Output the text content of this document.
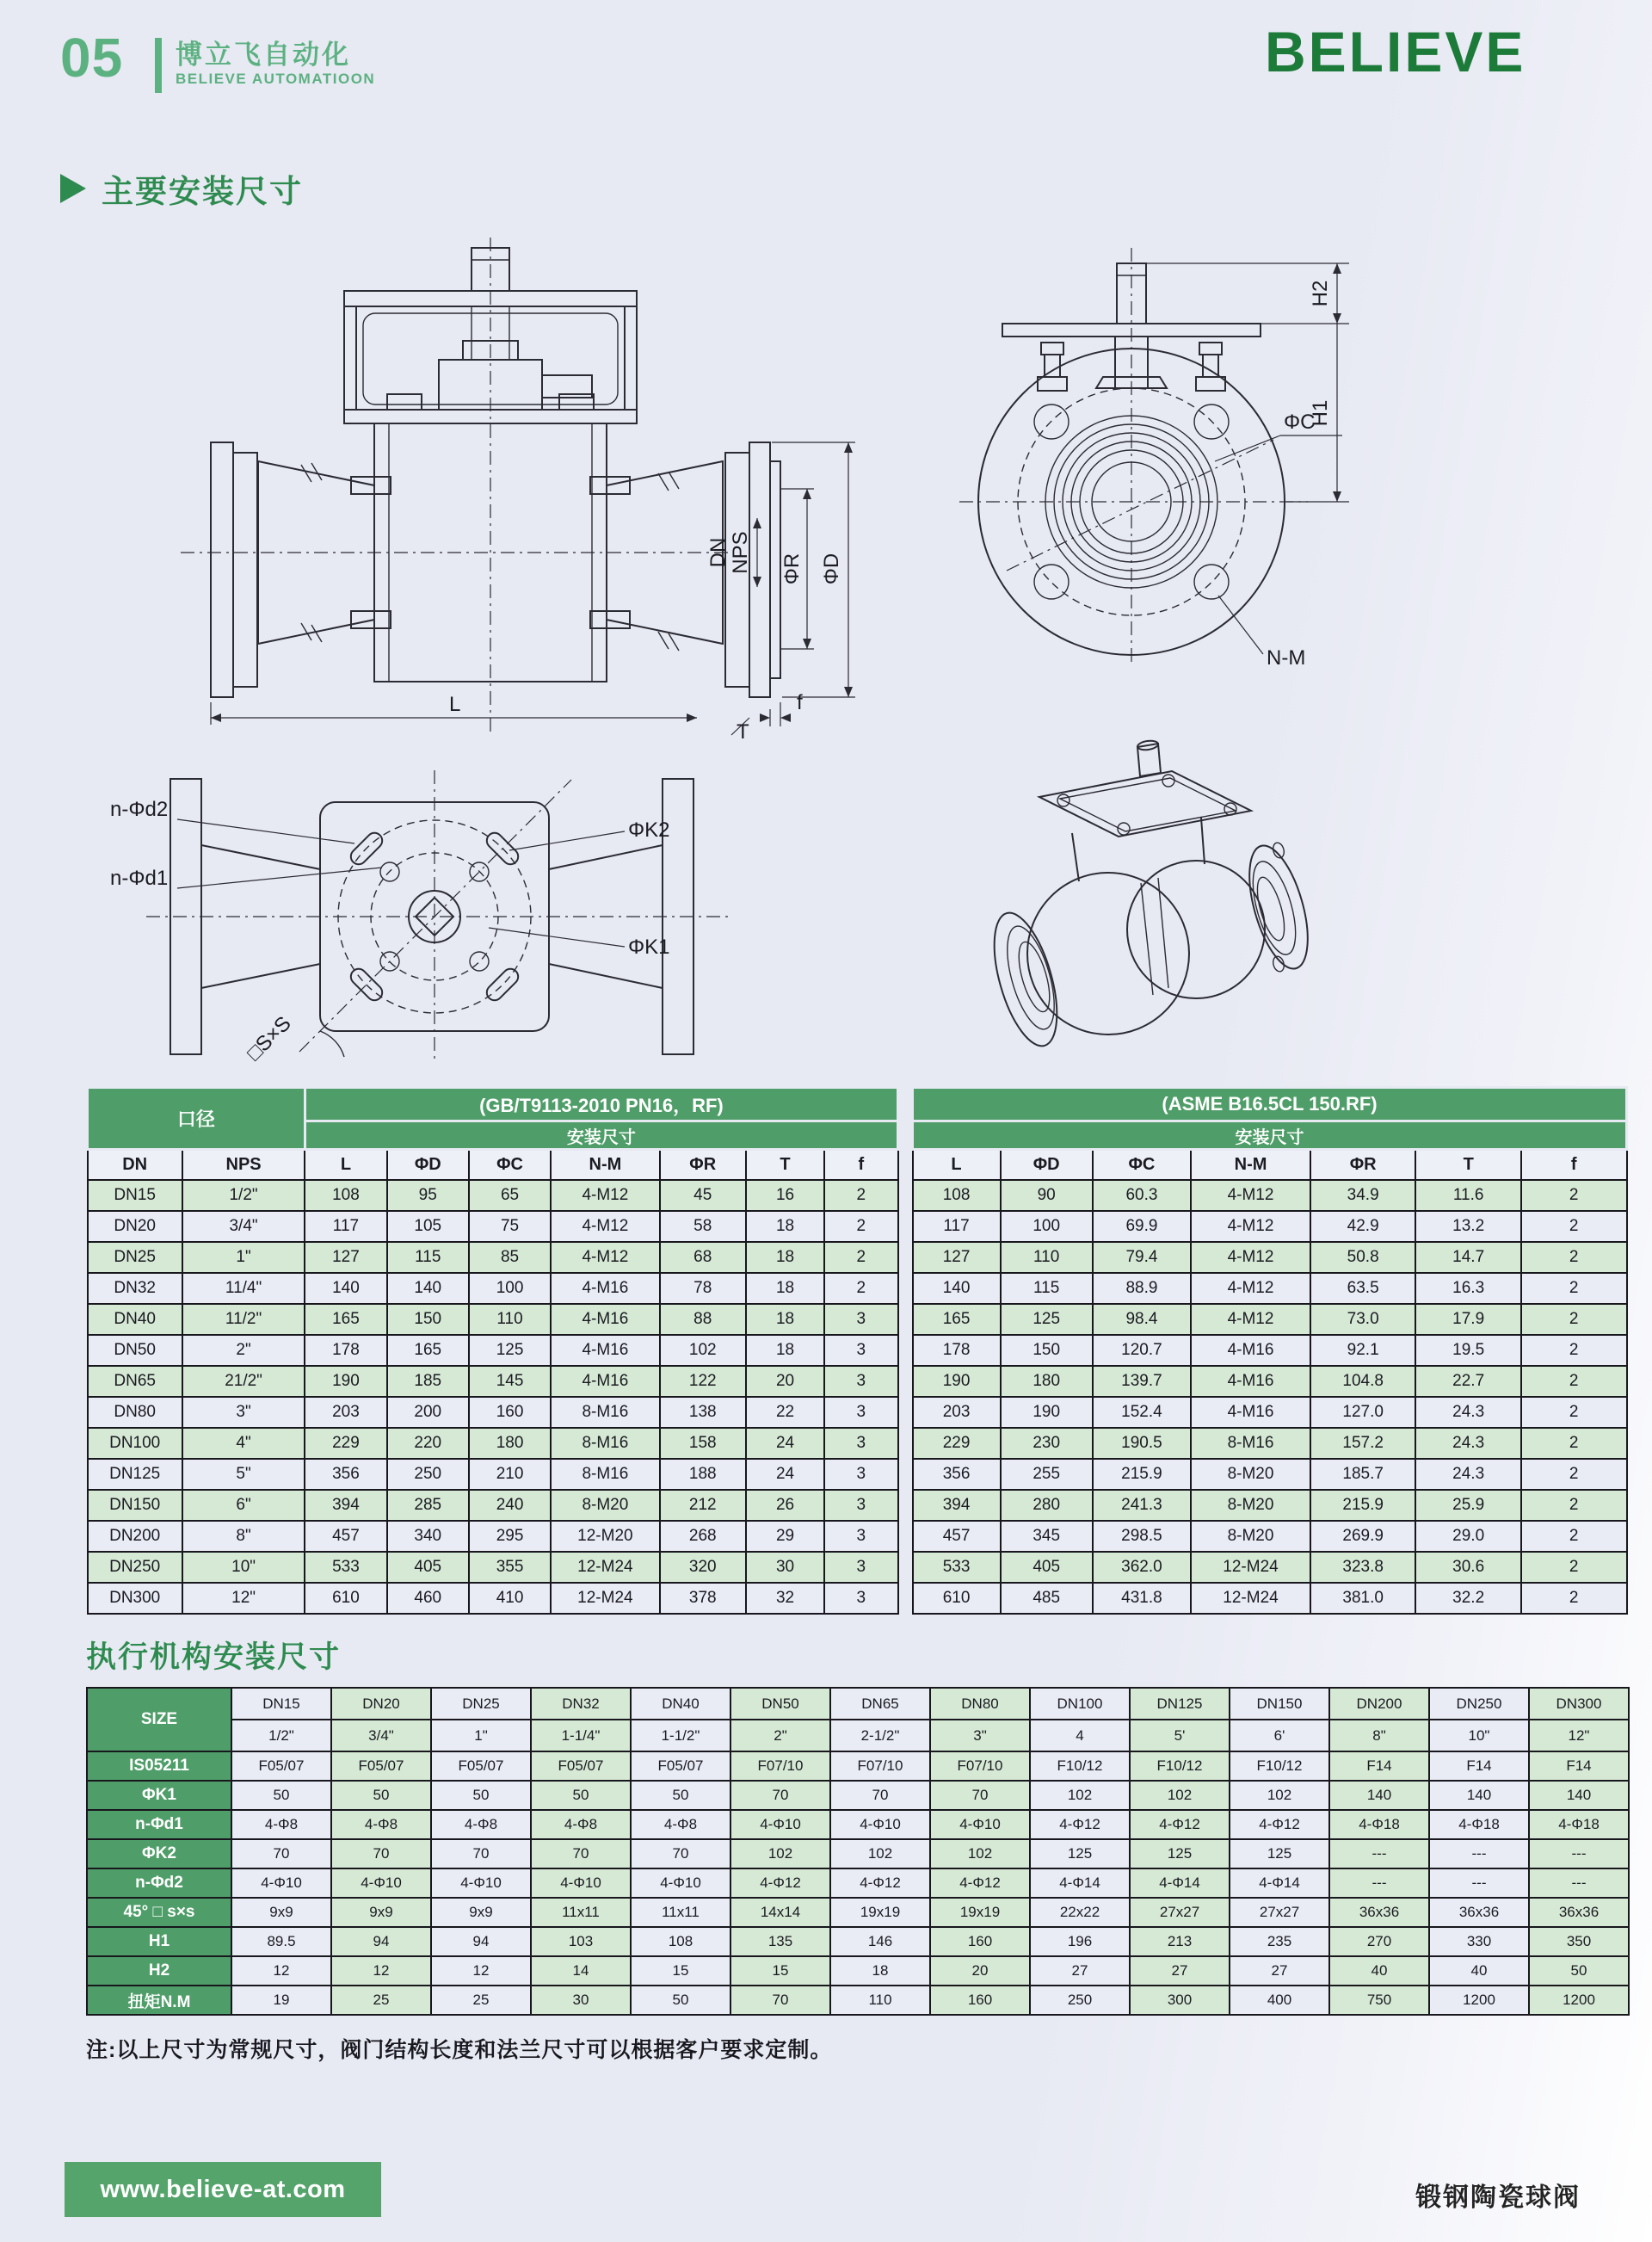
05 博立飞自动化
BELIEVE AUTOMATIOON	BELIEVE
主要安装尺寸
DN NPS ΦR ΦD
f
T
L
H2
H1
ΦC
N-M
n-Φd2
n-Φd1
ΦK2
ΦK1
□S×S
口径		(GB/T9113-2010 PN16，RF)						
		安装尺寸						
DN	NPS	L	ΦD	ΦC	N-M	ΦR	T	f
DN15	1/2"	108	95	65	4-M12	45	16	2
DN20	3/4"	117	105	75	4-M12	58	18	2
DN25	1"	127	115	85	4-M12	68	18	2
DN32	11/4"	140	140	100	4-M16	78	18	2
DN40	11/2"	165	150	110	4-M16	88	18	3
DN50	2"	178	165	125	4-M16	102	18	3
DN65	21/2"	190	185	145	4-M16	122	20	3
DN80	3"	203	200	160	8-M16	138	22	3
DN100	4"	229	220	180	8-M16	158	24	3
DN125	5"	356	250	210	8-M16	188	24	3
DN150	6"	394	285	240	8-M20	212	26	3
DN200	8"	457	340	295	12-M20	268	29	3
DN250	10"	533	405	355	12-M24	320	30	3
DN300	12"	610	460	410	12-M24	378	32	3
(ASME B16.5CL 150.RF)						
安装尺寸						
L	ΦD	ΦC	N-M	ΦR	T	f
108	90	60.3	4-M12	34.9	11.6	2
117	100	69.9	4-M12	42.9	13.2	2
127	110	79.4	4-M12	50.8	14.7	2
140	115	88.9	4-M12	63.5	16.3	2
165	125	98.4	4-M12	73.0	17.9	2
178	150	120.7	4-M16	92.1	19.5	2
190	180	139.7	4-M16	104.8	22.7	2
203	190	152.4	4-M16	127.0	24.3	2
229	230	190.5	8-M16	157.2	24.3	2
356	255	215.9	8-M20	185.7	24.3	2
394	280	241.3	8-M20	215.9	25.9	2
457	345	298.5	8-M20	269.9	29.0	2
533	405	362.0	12-M24	323.8	30.6	2
610	485	431.8	12-M24	381.0	32.2	2
执行机构安装尺寸
SIZE	DN15	DN20	DN25	DN32	DN40	DN50	DN65	DN80	DN100	DN125	DN150	DN200	DN250	DN300
	1/2"	3/4"	1"	1-1/4"	1-1/2"	2"	2-1/2"	3"	4	5'	6'	8"	10"	12"
IS05211	F05/07	F05/07	F05/07	F05/07	F05/07	F07/10	F07/10	F07/10	F10/12	F10/12	F10/12	F14	F14	F14
ΦK1	50	50	50	50	50	70	70	70	102	102	102	140	140	140
n-Φd1	4-Φ8	4-Φ8	4-Φ8	4-Φ8	4-Φ8	4-Φ10	4-Φ10	4-Φ10	4-Φ12	4-Φ12	4-Φ12	4-Φ18	4-Φ18	4-Φ18
ΦK2	70	70	70	70	70	102	102	102	125	125	125	---	---	---
n-Φd2	4-Φ10	4-Φ10	4-Φ10	4-Φ10	4-Φ10	4-Φ12	4-Φ12	4-Φ12	4-Φ14	4-Φ14	4-Φ14	---	---	---
45° □ s×s	9x9	9x9	9x9	11x11	11x11	14x14	19x19	19x19	22x22	27x27	27x27	36x36	36x36	36x36
H1	89.5	94	94	103	108	135	146	160	196	213	235	270	330	350
H2	12	12	12	14	15	15	18	20	27	27	27	40	40	50
扭矩N.M	19	25	25	30	50	70	110	160	250	300	400	750	1200	1200
注:以上尺寸为常规尺寸，阀门结构长度和法兰尺寸可以根据客户要求定制。
www.believe-at.com	锻钢陶瓷球阀
